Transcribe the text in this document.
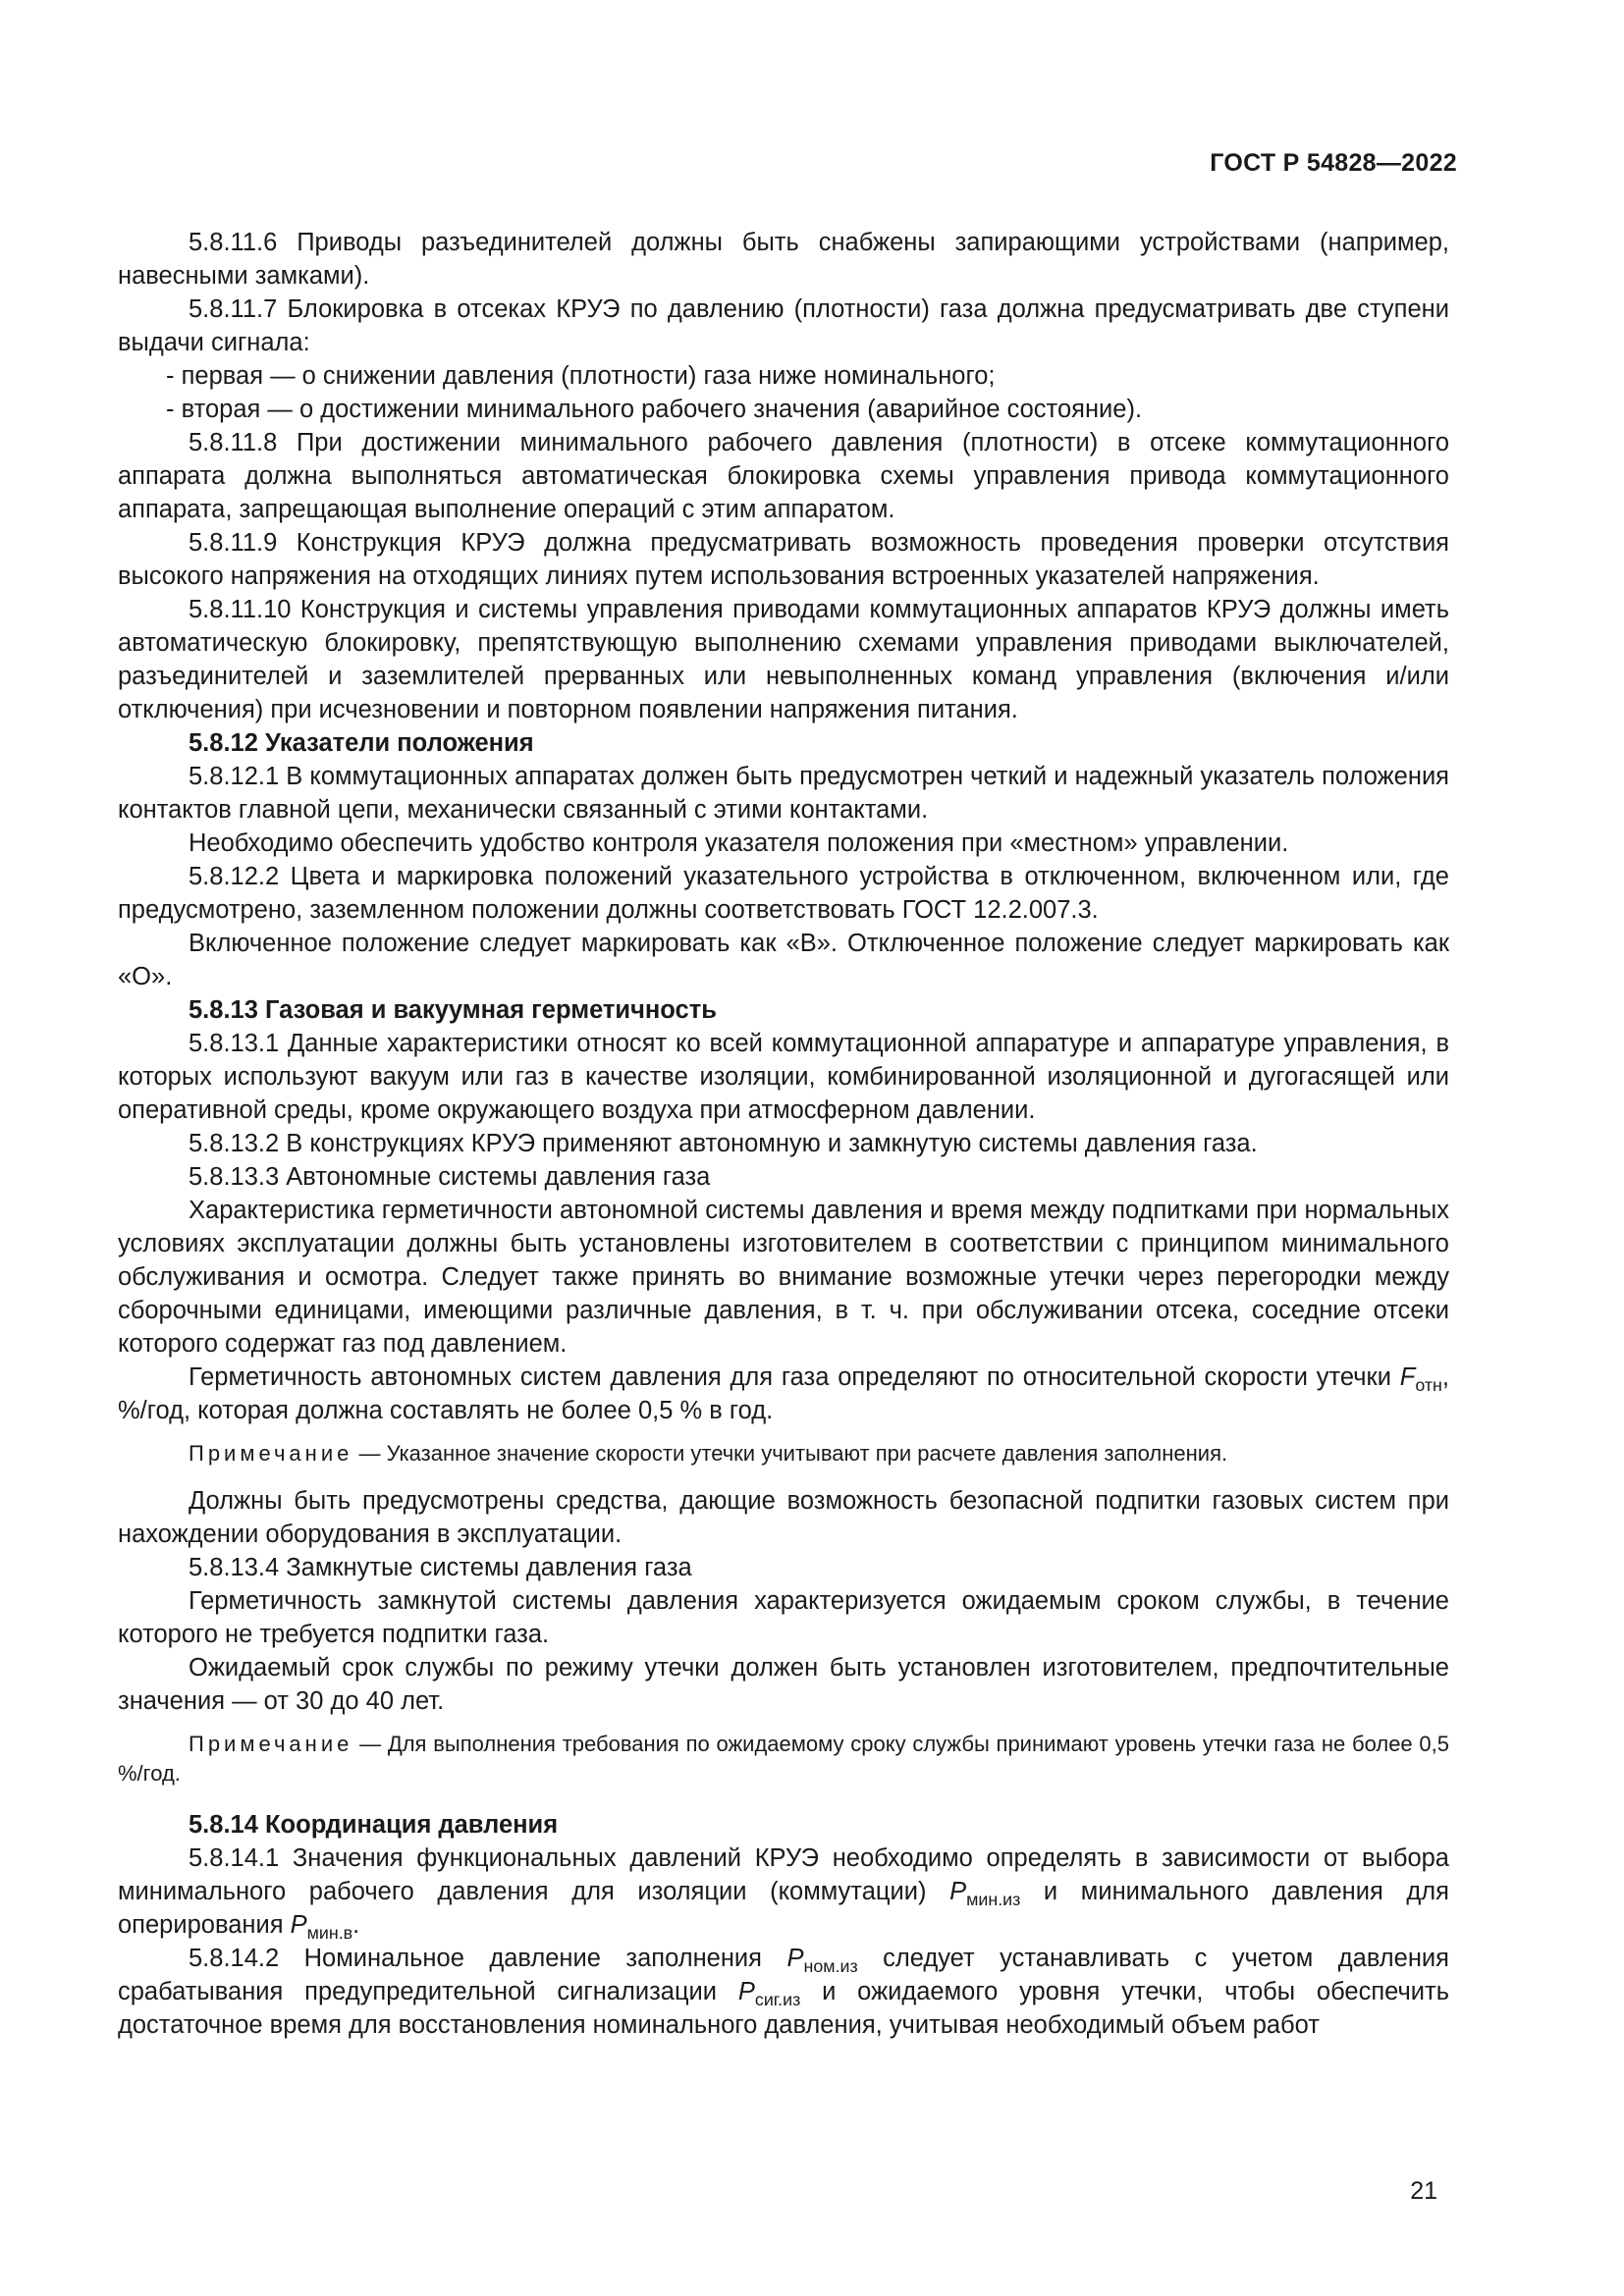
ГОСТ Р 54828—2022

5.8.11.6 Приводы разъединителей должны быть снабжены запирающими устройствами (например, навесными замками).

5.8.11.7 Блокировка в отсеках КРУЭ по давлению (плотности) газа должна предусматривать две ступени выдачи сигнала:

- первая — о снижении давления (плотности) газа ниже номинального;

- вторая — о достижении минимального рабочего значения (аварийное состояние).

5.8.11.8 При достижении минимального рабочего давления (плотности) в отсеке коммутационного аппарата должна выполняться автоматическая блокировка схемы управления привода коммутационного аппарата, запрещающая выполнение операций с этим аппаратом.

5.8.11.9 Конструкция КРУЭ должна предусматривать возможность проведения проверки отсутствия высокого напряжения на отходящих линиях путем использования встроенных указателей напряжения.

5.8.11.10 Конструкция и системы управления приводами коммутационных аппаратов КРУЭ должны иметь автоматическую блокировку, препятствующую выполнению схемами управления приводами выключателей, разъединителей и заземлителей прерванных или невыполненных команд управления (включения и/или отключения) при исчезновении и повторном появлении напряжения питания.

5.8.12 Указатели положения

5.8.12.1 В коммутационных аппаратах должен быть предусмотрен четкий и надежный указатель положения контактов главной цепи, механически связанный с этими контактами.

Необходимо обеспечить удобство контроля указателя положения при «местном» управлении.

5.8.12.2 Цвета и маркировка положений указательного устройства в отключенном, включенном или, где предусмотрено, заземленном положении должны соответствовать ГОСТ 12.2.007.3.

Включенное положение следует маркировать как «В». Отключенное положение следует маркировать как «О».

5.8.13 Газовая и вакуумная герметичность

5.8.13.1 Данные характеристики относят ко всей коммутационной аппаратуре и аппаратуре управления, в которых используют вакуум или газ в качестве изоляции, комбинированной изоляционной и дугогасящей или оперативной среды, кроме окружающего воздуха при атмосферном давлении.

5.8.13.2 В конструкциях КРУЭ применяют автономную и замкнутую системы давления газа.

5.8.13.3 Автономные системы давления газа

Характеристика герметичности автономной системы давления и время между подпитками при нормальных условиях эксплуатации должны быть установлены изготовителем в соответствии с принципом минимального обслуживания и осмотра. Следует также принять во внимание возможные утечки через перегородки между сборочными единицами, имеющими различные давления, в т. ч. при обслуживании отсека, соседние отсеки которого содержат газ под давлением.

Герметичность автономных систем давления для газа определяют по относительной скорости утечки $F_{отн}$, %/год, которая должна составлять не более 0,5 % в год.

Примечание — Указанное значение скорости утечки учитывают при расчете давления заполнения.

Должны быть предусмотрены средства, дающие возможность безопасной подпитки газовых систем при нахождении оборудования в эксплуатации.

5.8.13.4 Замкнутые системы давления газа

Герметичность замкнутой системы давления характеризуется ожидаемым сроком службы, в течение которого не требуется подпитки газа.

Ожидаемый срок службы по режиму утечки должен быть установлен изготовителем, предпочтительные значения — от 30 до 40 лет.

Примечание — Для выполнения требования по ожидаемому сроку службы принимают уровень утечки газа не более 0,5 %/год.

5.8.14 Координация давления

5.8.14.1 Значения функциональных давлений КРУЭ необходимо определять в зависимости от выбора минимального рабочего давления для изоляции (коммутации) $P_{мин.из}$ и минимального давления для оперирования $P_{мин.в}$.

5.8.14.2 Номинальное давление заполнения $P_{ном.из}$ следует устанавливать с учетом давления срабатывания предупредительной сигнализации $P_{сиг.из}$ и ожидаемого уровня утечки, чтобы обеспечить достаточное время для восстановления номинального давления, учитывая необходимый объем работ

21
